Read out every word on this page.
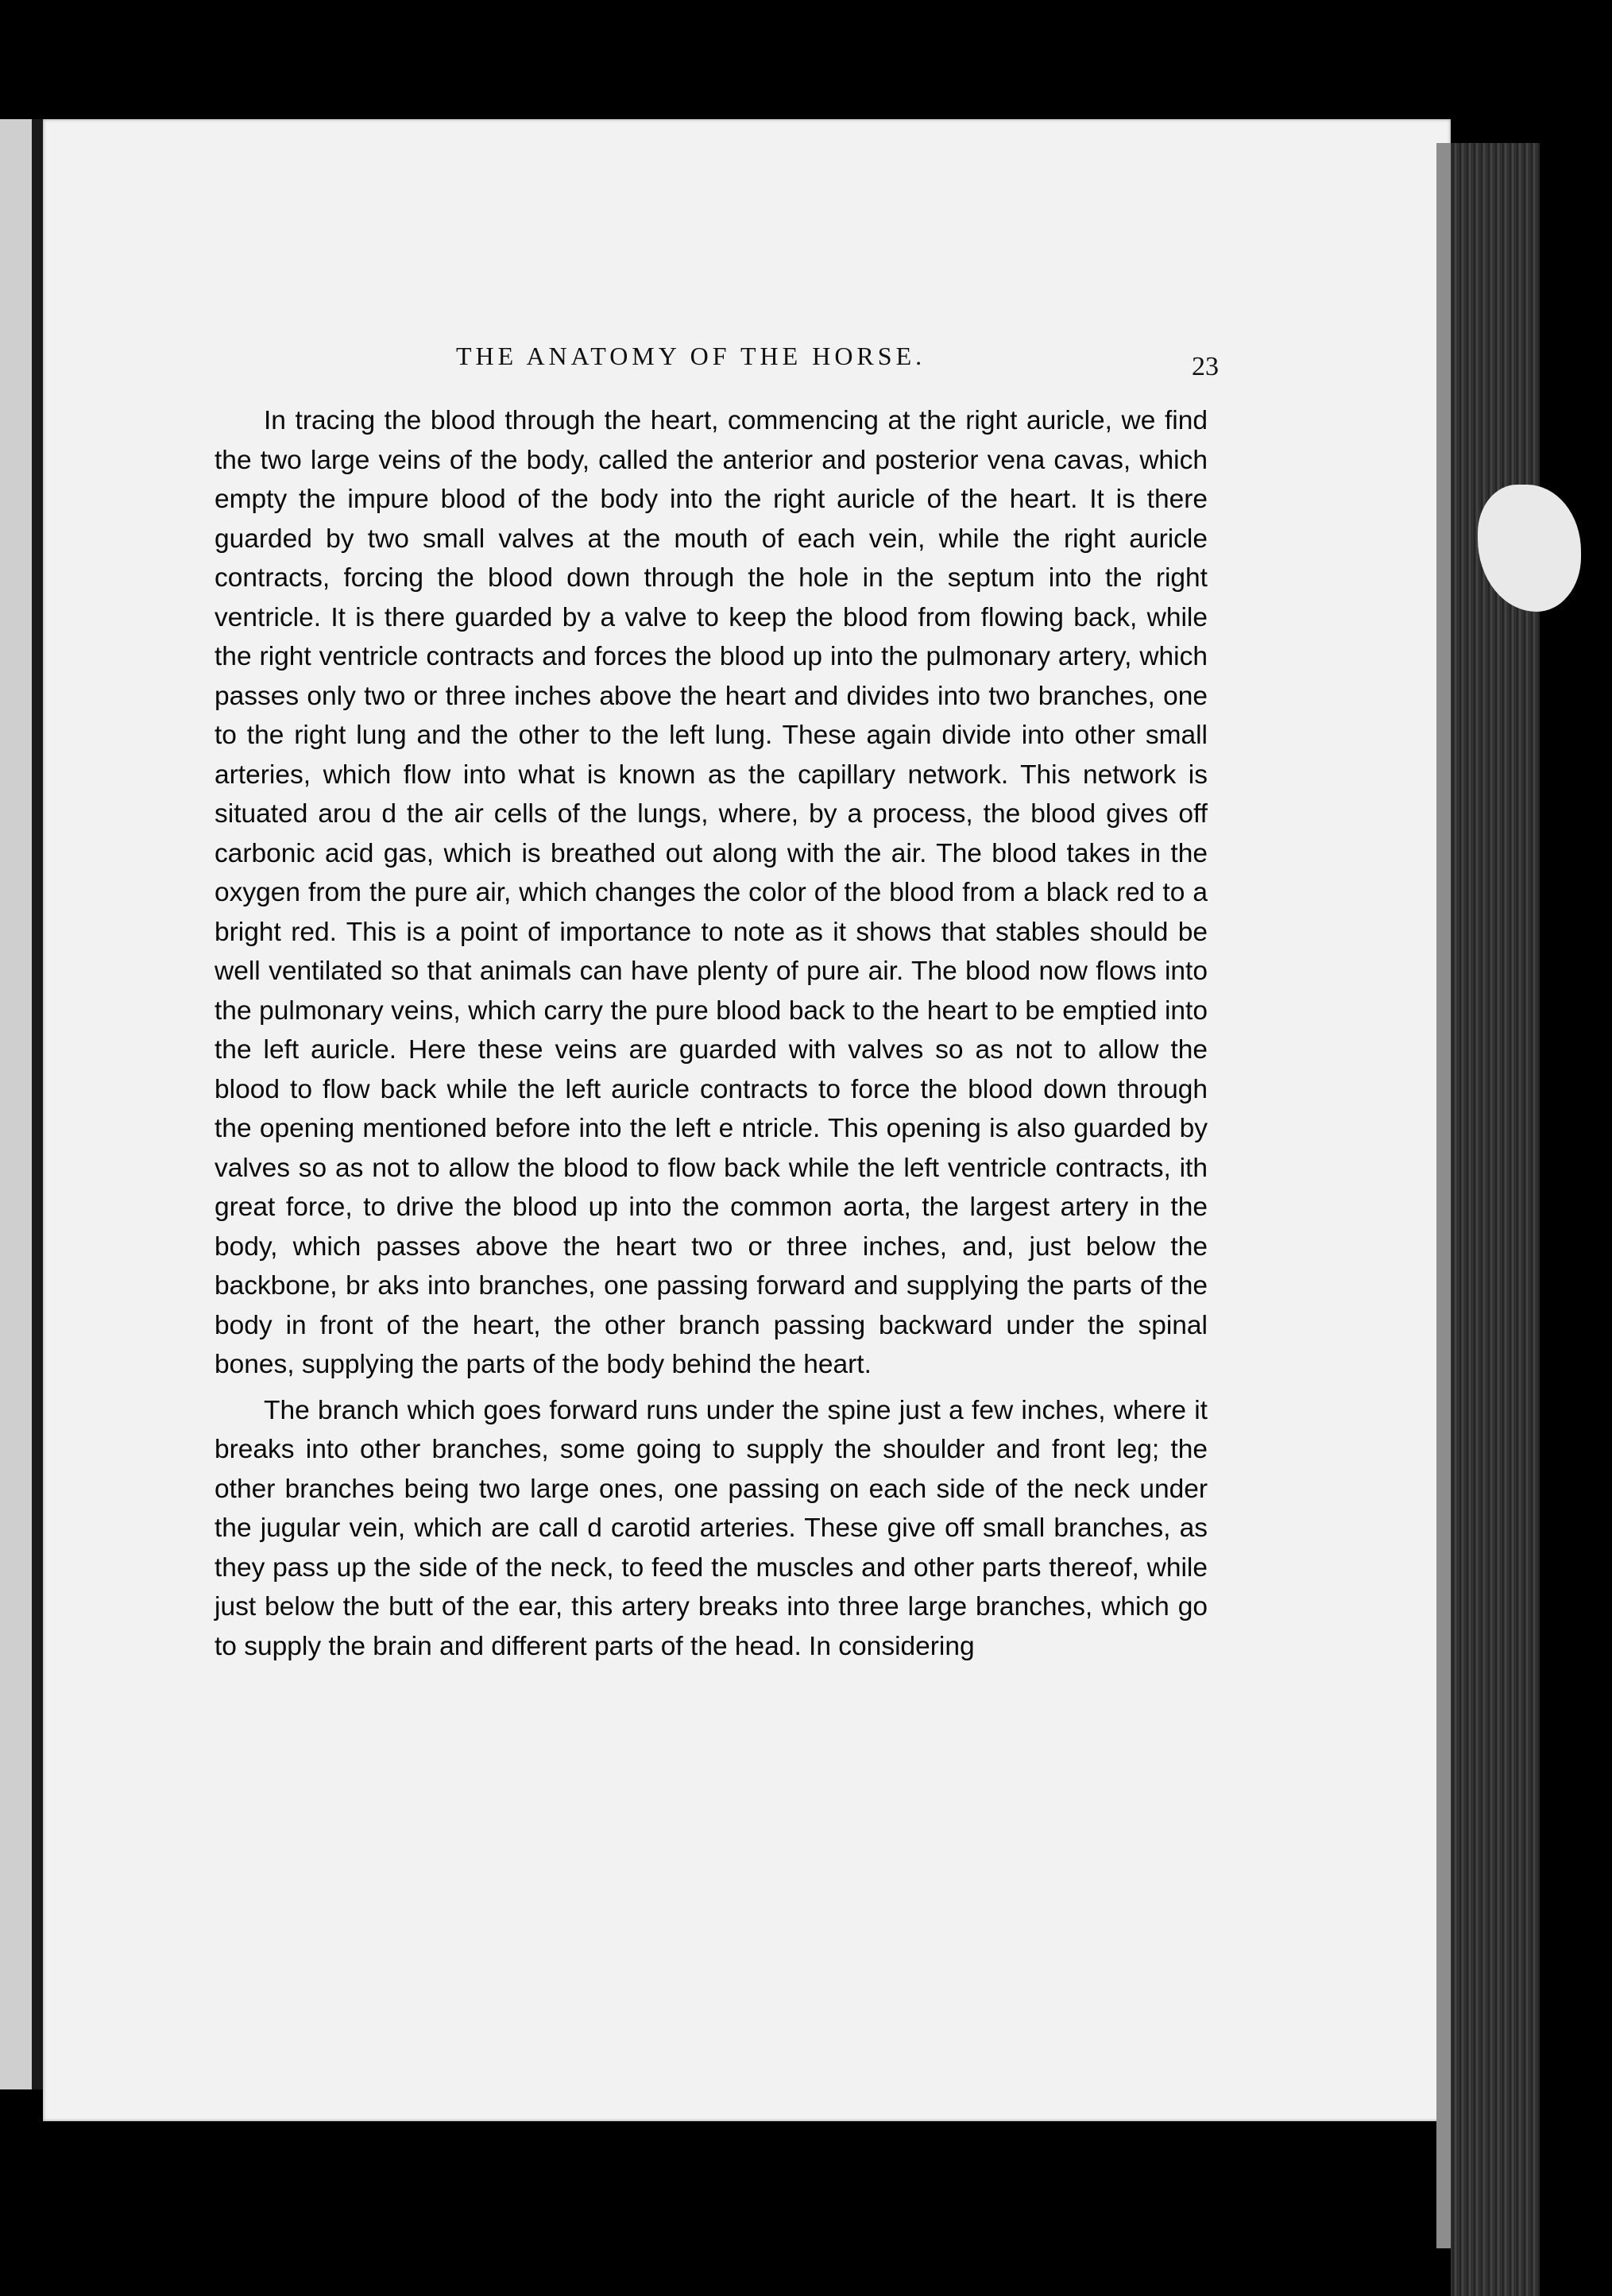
THE ANATOMY OF THE HORSE.	23

In tracing the blood through the heart, commencing at the right auricle, we find the two large veins of the body, called the anterior and posterior vena cavas, which empty the impure blood of the body into the right auricle of the heart. It is there guarded by two small valves at the mouth of each vein, while the right auricle contracts, forcing the blood down through the hole in the septum into the right ventricle. It is there guarded by a valve to keep the blood from flowing back, while the right ventricle contracts and forces the blood up into the pulmonary artery, which passes only two or three inches above the heart and divides into two branches, one to the right lung and the other to the left lung. These again divide into other small arteries, which flow into what is known as the capillary network. This network is situated arou d the air cells of the lungs, where, by a process, the blood gives off carbonic acid gas, which is breathed out along with the air. The blood takes in the oxygen from the pure air, which changes the color of the blood from a black red to a bright red. This is a point of importance to note as it shows that stables should be well ventilated so that animals can have plenty of pure air. The blood now flows into the pulmonary veins, which carry the pure blood back to the heart to be emptied into the left auricle. Here these veins are guarded with valves so as not to allow the blood to flow back while the left auricle contracts to force the blood down through the opening mentioned before into the left e ntricle. This opening is also guarded by valves so as not to allow the blood to flow back while the left ventricle contracts, ith great force, to drive the blood up into the common aorta, the largest artery in the body, which passes above the heart two or three inches, and, just below the backbone, br aks into branches, one passing forward and supplying the parts of the body in front of the heart, the other branch passing backward under the spinal bones, supplying the parts of the body behind the heart.

The branch which goes forward runs under the spine just a few inches, where it breaks into other branches, some going to supply the shoulder and front leg; the other branches being two large ones, one passing on each side of the neck under the jugular vein, which are call d carotid arteries. These give off small branches, as they pass up the side of the neck, to feed the muscles and other parts thereof, while just below the butt of the ear, this artery breaks into three large branches, which go to supply the brain and different parts of the head. In considering
